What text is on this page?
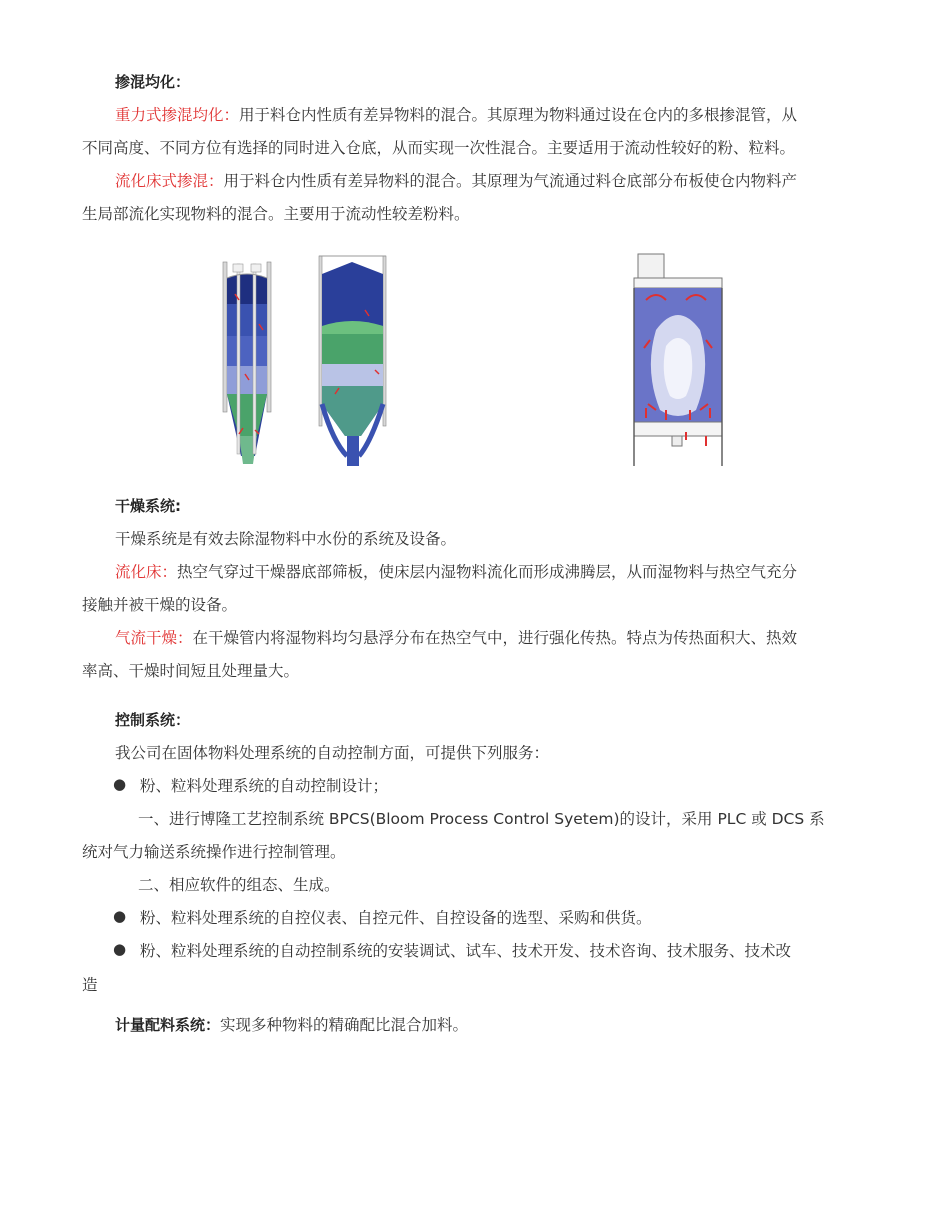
掺混均化：
重力式掺混均化：用于料仓内性质有差异物料的混合。其原理为物料通过设在仓内的多根掺混管，从
不同高度、不同方位有选择的同时进入仓底，从而实现一次性混合。主要适用于流动性较好的粉、粒料。
流化床式掺混：用于料仓内性质有差异物料的混合。其原理为气流通过料仓底部分布板使仓内物料产
生局部流化实现物料的混合。主要用于流动性较差粉料。
干燥系统:
干燥系统是有效去除湿物料中水份的系统及设备。
流化床：热空气穿过干燥器底部筛板，使床层内湿物料流化而形成沸腾层，从而湿物料与热空气充分
接触并被干燥的设备。
气流干燥：在干燥管内将湿物料均匀悬浮分布在热空气中，进行强化传热。特点为传热面积大、热效
率高、干燥时间短且处理量大。
控制系统：
我公司在固体物料处理系统的自动控制方面，可提供下列服务：
● 粉、粒料处理系统的自动控制设计；
一、进行博隆工艺控制系统 BPCS(Bloom Process Control Syetem)的设计，采用 PLC 或 DCS 系
统对气力输送系统操作进行控制管理。
二、相应软件的组态、生成。
● 粉、粒料处理系统的自控仪表、自控元件、自控设备的选型、采购和供货。
● 粉、粒料处理系统的自动控制系统的安装调试、试车、技术开发、技术咨询、技术服务、技术改
造
计量配料系统：实现多种物料的精确配比混合加料。
